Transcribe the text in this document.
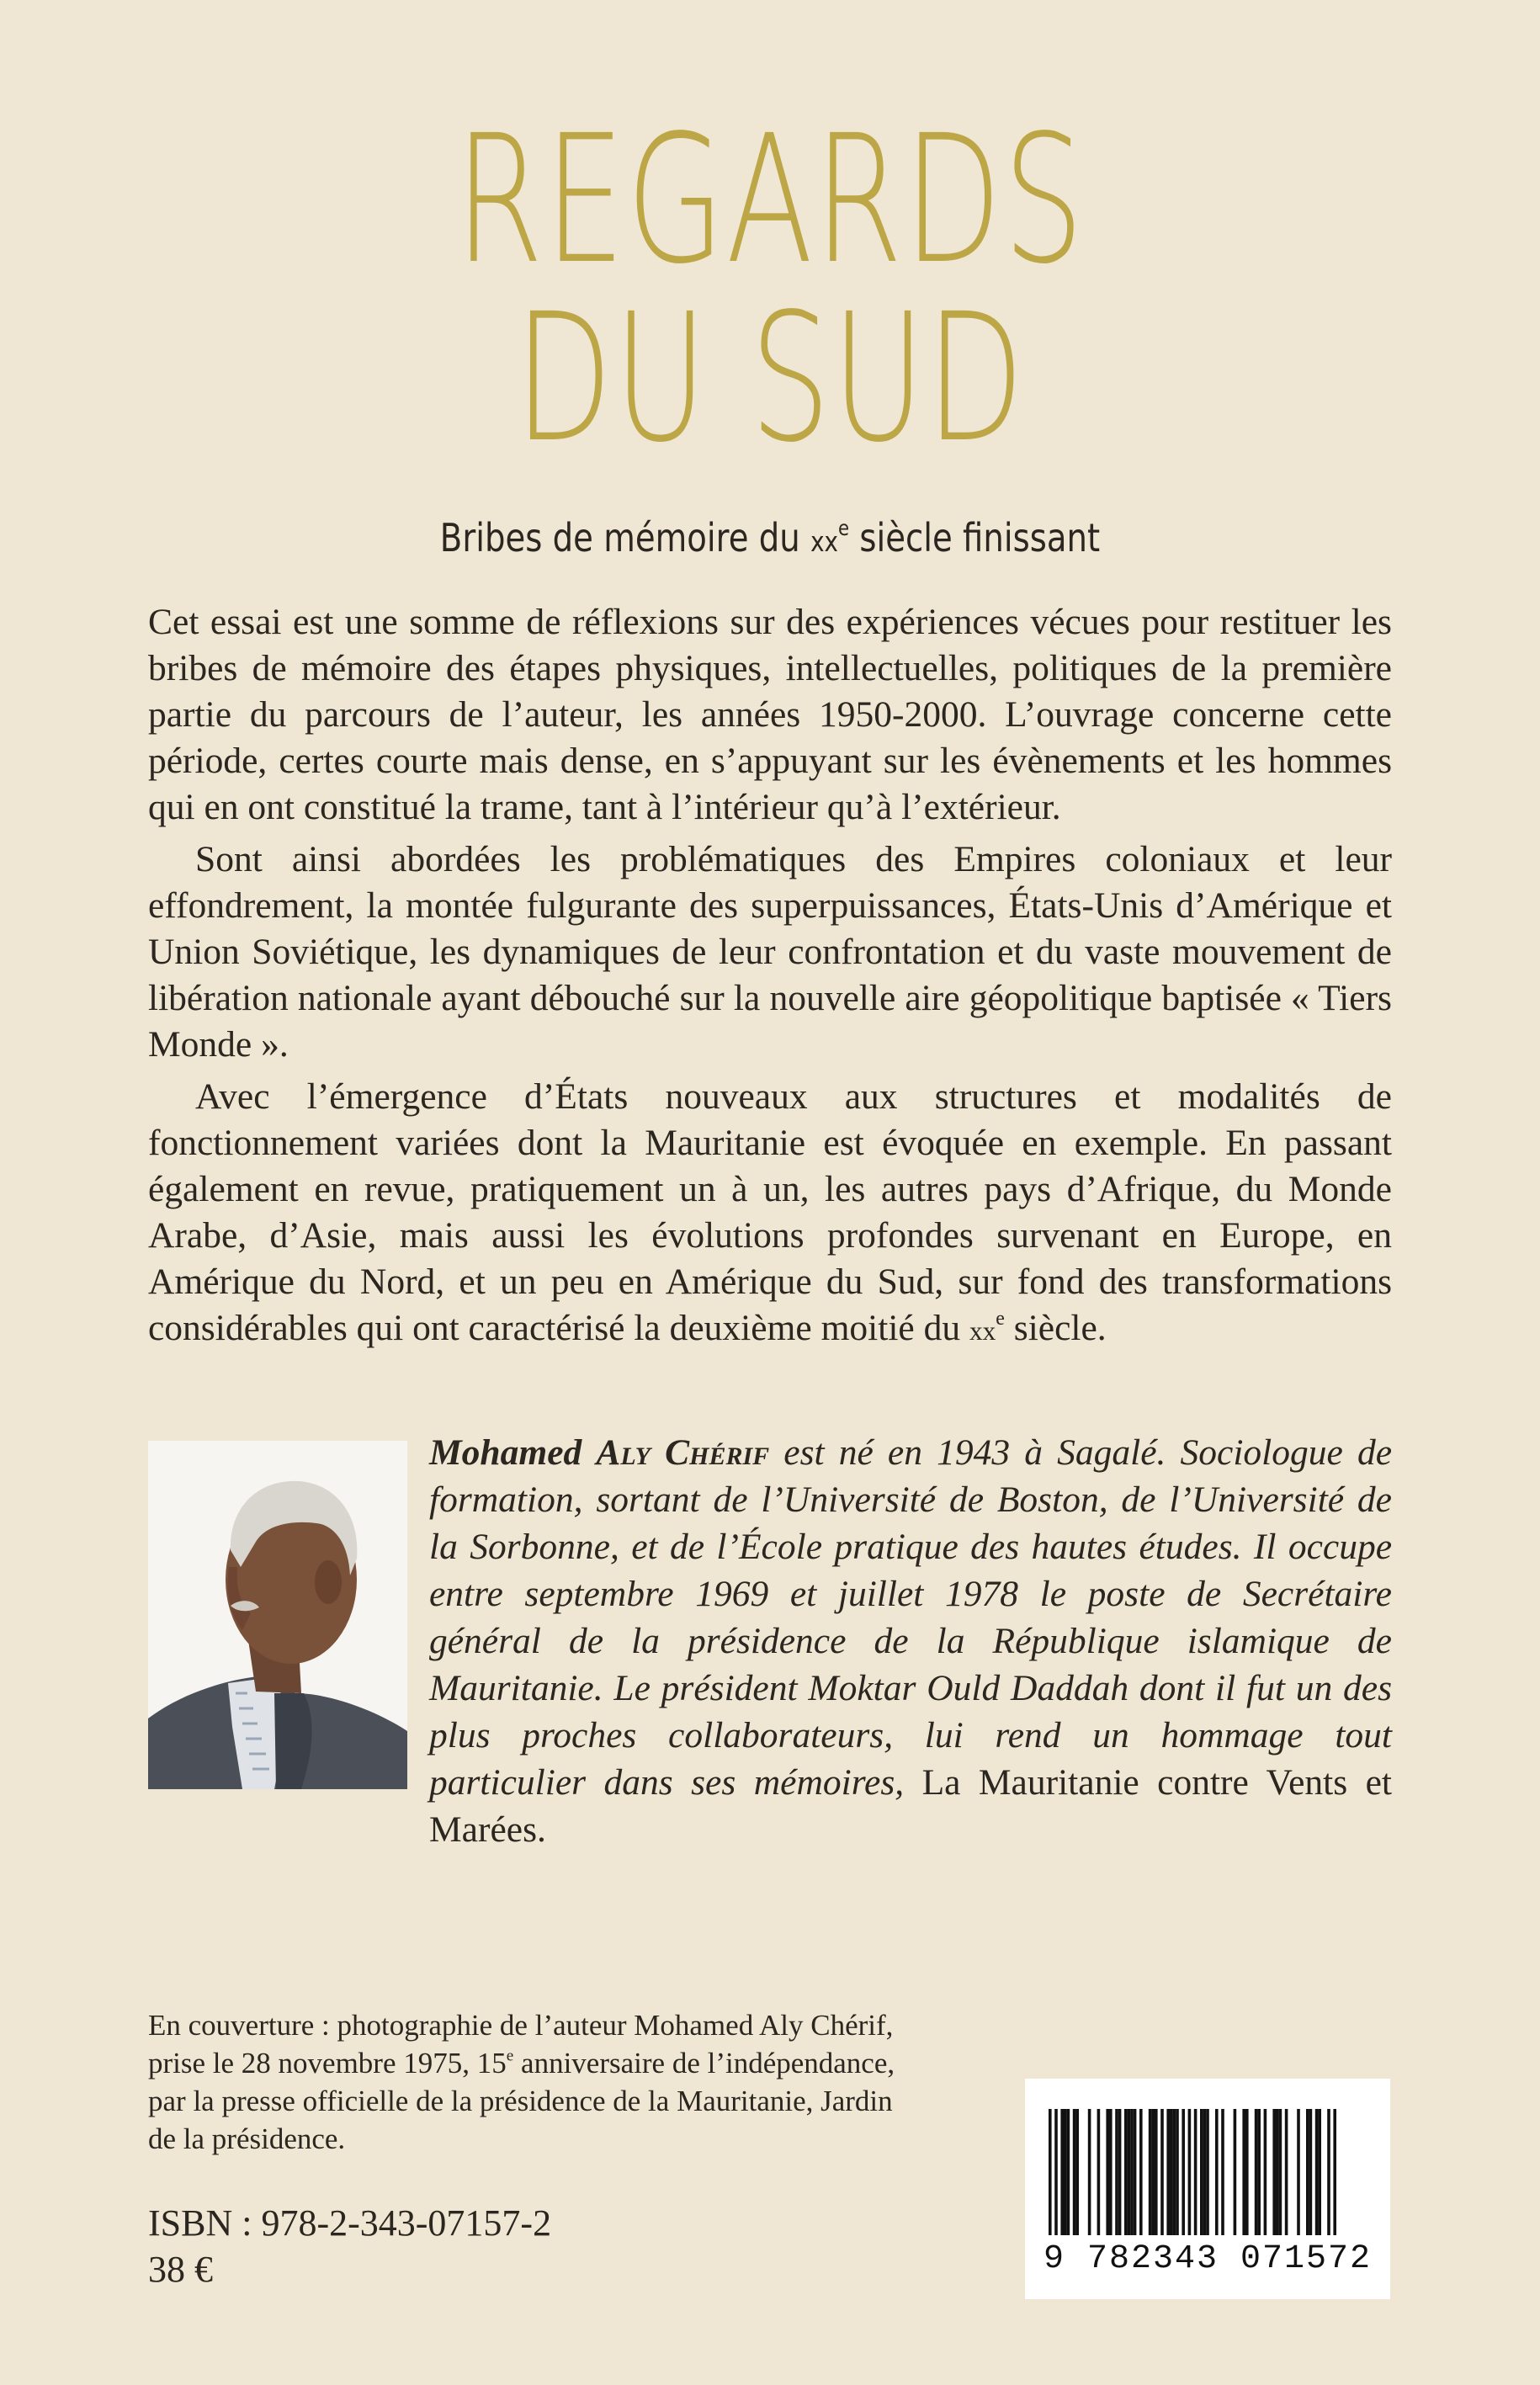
REGARDS
DU SUD
Bribes de mémoire du $xx^e$ siècle finissant

Cet essai est une somme de réflexions sur des expériences vécues pour restituer les bribes de mémoire des étapes physiques, intellectuelles, politiques de la première partie du parcours de l’auteur, les années 1950-2000. L’ouvrage concerne cette période, certes courte mais dense, en s’appuyant sur les évènements et les hommes qui en ont constitué la trame, tant à l’intérieur qu’à l’extérieur.

Sont ainsi abordées les problématiques des Empires coloniaux et leur effondrement, la montée fulgurante des superpuissances, États-Unis d’Amérique et Union Soviétique, les dynamiques de leur confrontation et du vaste mouvement de libération nationale ayant débouché sur la nouvelle aire géopolitique baptisée « Tiers Monde ».

Avec l’émergence d’États nouveaux aux structures et modalités de fonctionnement variées dont la Mauritanie est évoquée en exemple. En passant également en revue, pratiquement un à un, les autres pays d’Afrique, du Monde Arabe, d’Asie, mais aussi les évolutions profondes survenant en Europe, en Amérique du Nord, et un peu en Amérique du Sud, sur fond des transformations considérables qui ont caractérisé la deuxième moitié du $xx^e$ siècle.

Mohamed Aly Chérif est né en 1943 à Sagalé. Sociologue de formation, sortant de l’Université de Boston, de l’Université de la Sorbonne, et de l’École pratique des hautes études. Il occupe entre septembre 1969 et juillet 1978 le poste de Secrétaire général de la présidence de la République islamique de Mauritanie. Le président Moktar Ould Daddah dont il fut un des plus proches collaborateurs, lui rend un hommage tout particulier dans ses mémoires, La Mauritanie contre Vents et Marées.

En couverture : photographie de l’auteur Mohamed Aly Chérif, prise le 28 novembre 1975, 15e anniversaire de l’indépendance, par la presse officielle de la présidence de la Mauritanie, Jardin de la présidence.

ISBN : 978-2-343-07157-2
38 €	9 782343 071572
